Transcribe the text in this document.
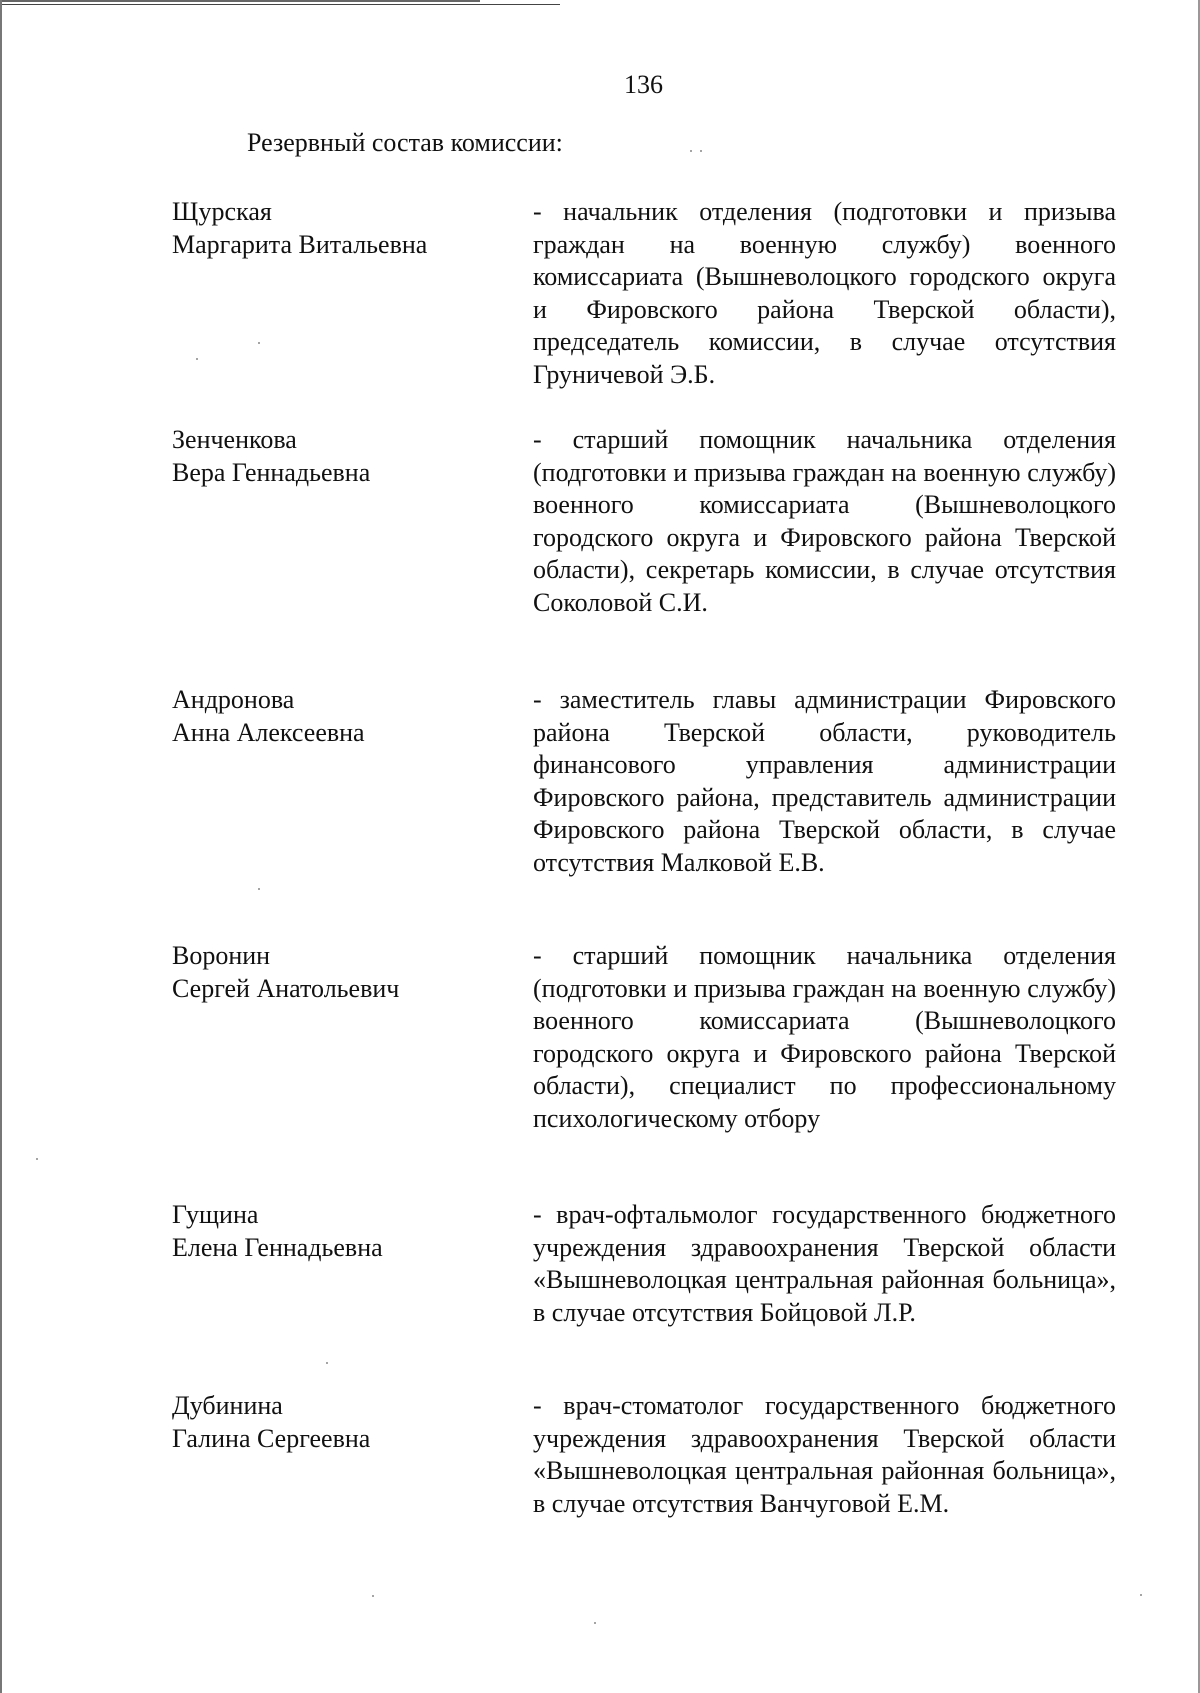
136
Резервный состав комиссии:
Щурская
Маргарита Витальевна
- начальник отделения (подготовки и призыва граждан на военную службу) военного комиссариата (Вышневолоцкого городского округа и Фировского района Тверской области), председатель комиссии, в случае отсутствия Груничевой Э.Б.
Зенченкова
Вера Геннадьевна
- старший помощник начальника отделения (подготовки и призыва граждан на военную службу) военного комиссариата (Вышневолоцкого городского округа и Фировского района Тверской области), секретарь комиссии, в случае отсутствия Соколовой С.И.
Андронова
Анна Алексеевна
- заместитель главы администрации Фировского района Тверской области, руководитель финансового управления администрации Фировского района, представитель администрации Фировского района Тверской области, в случае отсутствия Малковой Е.В.
Воронин
Сергей Анатольевич
- старший помощник начальника отделения (подготовки и призыва граждан на военную службу) военного комиссариата (Вышневолоцкого городского округа и Фировского района Тверской области), специалист по профессиональному психологическому отбору
Гущина
Елена Геннадьевна
- врач-офтальмолог государственного бюджетного учреждения здравоохранения Тверской области «Вышневолоцкая центральная районная больница», в случае отсутствия Бойцовой Л.Р.
Дубинина
Галина Сергеевна
- врач-стоматолог государственного бюджетного учреждения здравоохранения Тверской области «Вышневолоцкая центральная районная больница», в случае отсутствия Ванчуговой Е.М.
